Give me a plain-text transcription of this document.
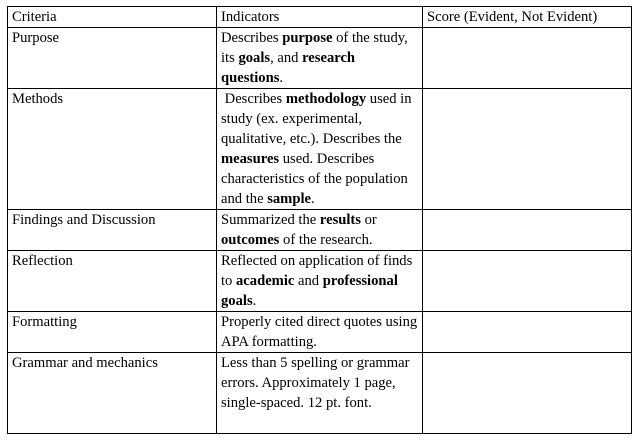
Criteria	Indicators	Score (Evident, Not Evident)
Purpose	Describes purpose of the study, its goals, and research questions.	
Methods	Describes methodology used in study (ex. experimental, qualitative, etc.). Describes the measures used. Describes characteristics of the population and the sample.	
Findings and Discussion	Summarized the results or outcomes of the research.	
Reflection	Reflected on application of finds to academic and professional goals.	
Formatting	Properly cited direct quotes using APA formatting.	
Grammar and mechanics	Less than 5 spelling or grammar errors. Approximately 1 page, single-spaced. 12 pt. font.	
